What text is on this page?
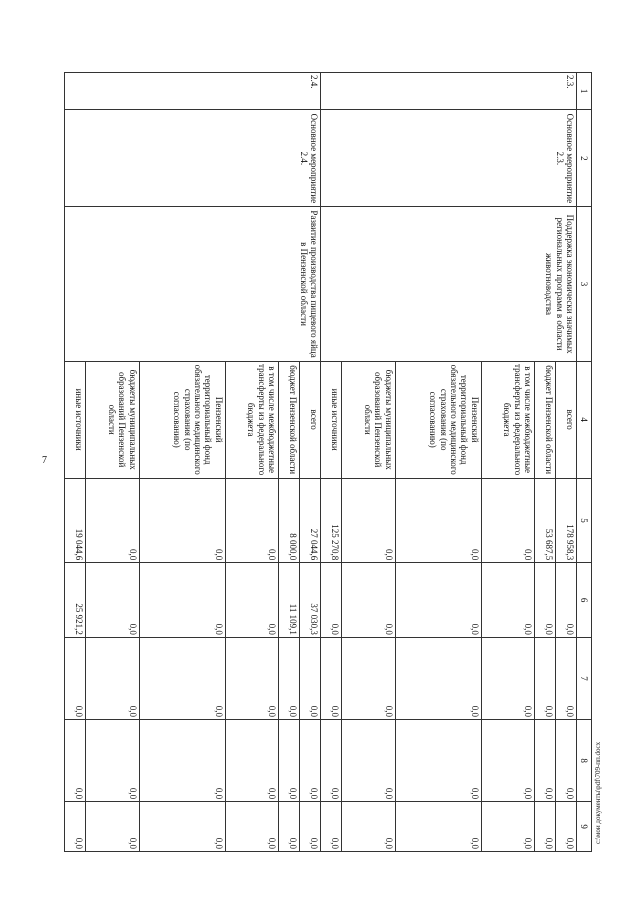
7
1	2	3	4	5	6	7	8	9
2.3.	Основное мероприятие 2.3.	Поддержка экономически значимых региональных программ в области животноводства	всего	178 958,3	0,0	0,0	0,0	0,0
			бюджет Пензенской области	53 687,5	0,0	0,0	0,0	0,0
			в том числе межбюджетные трансферты из федерального бюджета	0,0	0,0	0,0	0,0	0,0
			Пензенский территориальный фонд обязательного медицинского страхования (по согласованию)	0,0	0,0	0,0	0,0	0,0
			бюджеты муниципальных образований Пензенской области	0,0	0,0	0,0	0,0	0,0
			иные источники	125 270,8	0,0	0,0	0,0	0,0
2.4.	Основное мероприятие 2.4.	Развитие производства пищевого яйца в Пензенской области	всего	27 044,6	37 030,3	0,0	0,0	0,0
			бюджет Пензенской области	8 000,0	11 109,1	0,0	0,0	0,0
			в том числе межбюджетные трансферты из федерального бюджета	0,0	0,0	0,0	0,0	0,0
			Пензенский территориальный фонд обязательного медицинского страхования (по согласованию)	0,0	0,0	0,0	0,0	0,0
			бюджеты муниципальных образований Пензенской области	0,0	0,0	0,0	0,0	0,0
			иные источники	19 044,6	25 921,2	0,0	0,0	0,0	c:\мои документы\pdf\709-пп.docx
